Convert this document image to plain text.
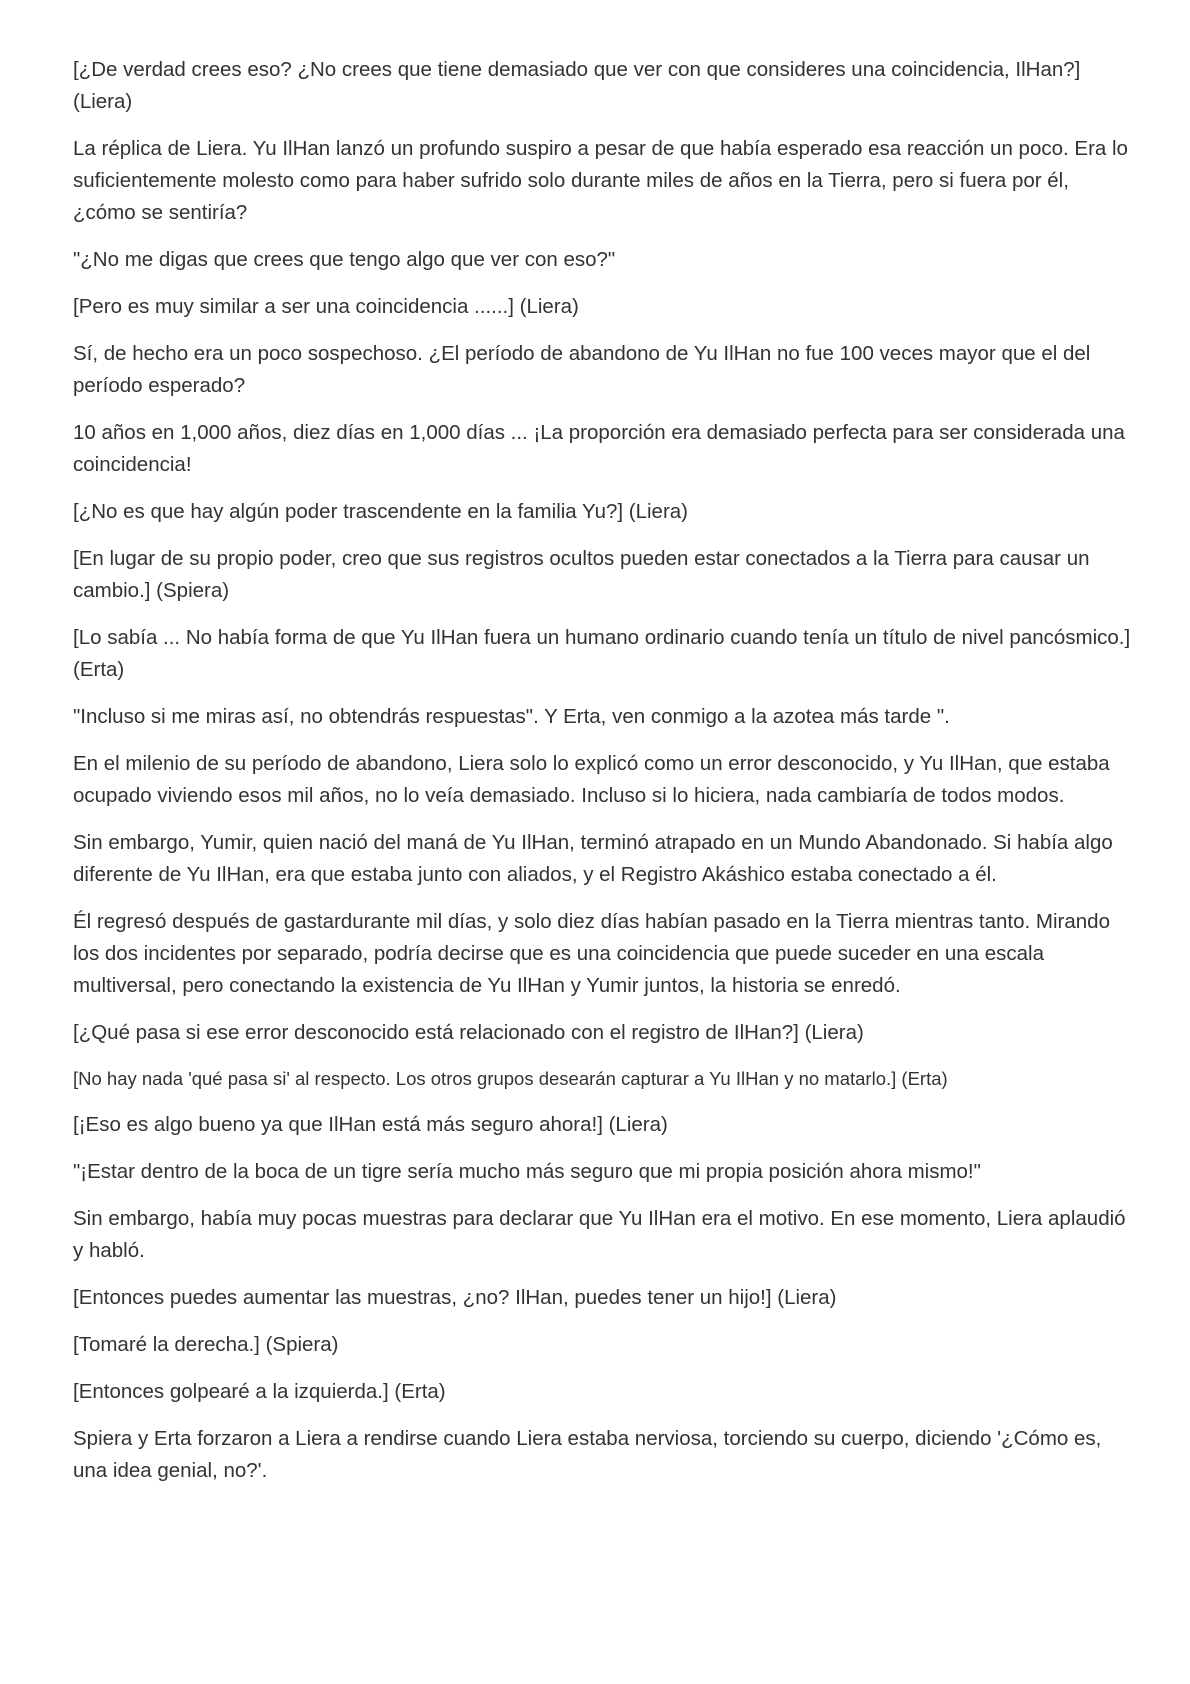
[¿De verdad crees eso? ¿No crees que tiene demasiado que ver con que consideres una coincidencia, IlHan?] (Liera)

La réplica de Liera. Yu IlHan lanzó un profundo suspiro a pesar de que había esperado esa reacción un poco. Era lo suficientemente molesto como para haber sufrido solo durante miles de años en la Tierra, pero si fuera por él, ¿cómo se sentiría?

"¿No me digas que crees que tengo algo que ver con eso?"

[Pero es muy similar a ser una coincidencia ......] (Liera)

Sí, de hecho era un poco sospechoso. ¿El período de abandono de Yu IlHan no fue 100 veces mayor que el del período esperado?

10 años en 1,000 años, diez días en 1,000 días ... ¡La proporción era demasiado perfecta para ser considerada una coincidencia!

[¿No es que hay algún poder trascendente en la familia Yu?] (Liera)

[En lugar de su propio poder, creo que sus registros ocultos pueden estar conectados a la Tierra para causar un cambio.] (Spiera)

[Lo sabía ... No había forma de que Yu IlHan fuera un humano ordinario cuando tenía un título de nivel pancósmico.] (Erta)

"Incluso si me miras así, no obtendrás respuestas". Y Erta, ven conmigo a la azotea más tarde ".

En el milenio de su período de abandono, Liera solo lo explicó como un error desconocido, y Yu IlHan, que estaba ocupado viviendo esos mil años, no lo veía demasiado. Incluso si lo hiciera, nada cambiaría de todos modos.

Sin embargo, Yumir, quien nació del maná de Yu IlHan, terminó atrapado en un Mundo Abandonado. Si había algo diferente de Yu IlHan, era que estaba junto con aliados, y el Registro Akáshico estaba conectado a él.

Él regresó después de gastardurante mil días, y solo diez días habían pasado en la Tierra mientras tanto. Mirando los dos incidentes por separado, podría decirse que es una coincidencia que puede suceder en una escala multiversal, pero conectando la existencia de Yu IlHan y Yumir juntos, la historia se enredó.

[¿Qué pasa si ese error desconocido está relacionado con el registro de IlHan?] (Liera)

[No hay nada 'qué pasa si' al respecto. Los otros grupos desearán capturar a Yu IlHan y no matarlo.] (Erta)

[¡Eso es algo bueno ya que IlHan está más seguro ahora!] (Liera)

"¡Estar dentro de la boca de un tigre sería mucho más seguro que mi propia posición ahora mismo!"

Sin embargo, había muy pocas muestras para declarar que Yu IlHan era el motivo. En ese momento, Liera aplaudió y habló.

[Entonces puedes aumentar las muestras, ¿no? IlHan, puedes tener un hijo!] (Liera)

[Tomaré la derecha.] (Spiera)

[Entonces golpearé a la izquierda.] (Erta)

Spiera y Erta forzaron a Liera a rendirse cuando Liera estaba nerviosa, torciendo su cuerpo, diciendo '¿Cómo es, una idea genial, no?'.
